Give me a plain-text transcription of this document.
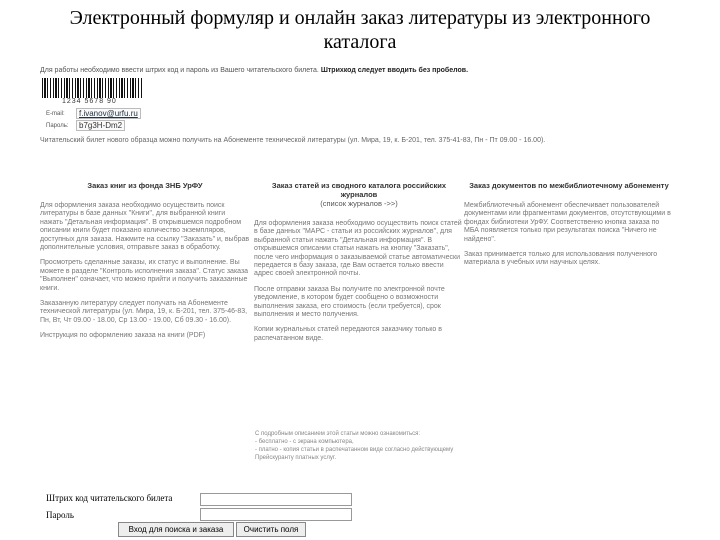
Электронный формуляр и онлайн заказ литературы из электронного
каталога
Для работы необходимо ввести штрих код и пароль из Вашего читательского билета. Штрихкод следует вводить без пробелов.
1234 5678 90
E-mail:	f.ivanov@urfu.ru
Пароль:	b7g3H-Dm2
Читательский билет нового образца можно получить на Абонементе технической литературы (ул. Мира, 19, к. Б-201, тел. 375-41-83, Пн - Пт 09.00 - 16.00).
Заказ книг из фонда ЗНБ УрФУ

Для оформления заказа необходимо осуществить поиск литературы в базе данных "Книги", для выбранной книги нажать "Детальная информация". В открывшемся подробном описании книги будет показано количество экземпляров, доступных для заказа. Нажмите на ссылку "Заказать" и, выбрав дополнительные условия, отправьте заказ в обработку.

Просмотреть сделанные заказы, их статус и выполнение. Вы можете в разделе "Контроль исполнения заказа". Статус заказа "Выполнен" означает, что можно прийти и получить заказанные книги.

Заказанную литературу следует получать на Абонементе технической литературы (ул. Мира, 19, к. Б-201, тел. 375-46-83, Пн, Вт, Чт 09.00 - 18.00, Ср 13.00 - 19.00, Сб 09.30 - 16.00).

Инструкция по оформлению заказа на книги (PDF)

Заказ статей из сводного каталога российских журналов
(список журналов ->>)

Для оформления заказа необходимо осуществить поиск статей в базе данных "МАРС - статьи из российских журналов", для выбранной статьи нажать "Детальная информация". В открывшемся описании статьи нажать на кнопку "Заказать", после чего информация о заказываемой статье автоматически передается в базу заказа, где Вам остается только ввести адрес своей электронной почты.

После отправки заказа Вы получите по электронной почте уведомление, в котором будет сообщено о возможности выполнения заказа, его стоимость (если требуется), срок выполнения и место получения.

Копии журнальных статей передаются заказчику только в распечатанном виде.

Заказ документов по межбиблиотечному абонементу

Межбиблиотечный абонемент обеспечивает пользователей документами или фрагментами документов, отсутствующими в фондах библиотеки УрФУ. Соответственно кнопка заказа по МБА появляется только при результатах поиска "Ничего не найдено".

Заказ принимается только для использования полученного материала в учебных или научных целях.

С подробным описанием этой статьи можно ознакомиться:
- бесплатно - с экрана компьютера,
- платно - копия статьи в распечатанном виде согласно действующему Прейскуранту платных услуг.
Штрих код читательского билета
Пароль
Вход для поиска и заказа	Очистить поля
